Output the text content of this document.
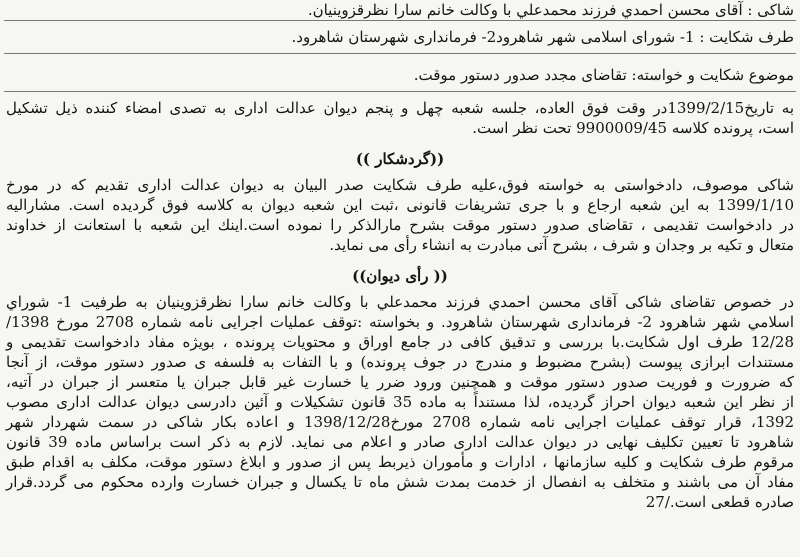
شاكی : آقای محسن احمدي فرزند محمدعلي با وكالت خانم سارا نظرقزوینیان.
طرف شكایت : 1- شورای اسلامی شهر شاهرود2- فرمانداری شهرستان شاهرود.
موضوع شكایت و خواسته: تقاضای مجدد صدور دستور موقت.
به تاریخ1399/2/15در وقت فوق العاده، جلسه شعبه چهل و پنجم دیوان عدالت اداری به تصدی امضاء كننده ذیل تشكیل
است، پرونده كلاسه 9900009/45 تحت نظر است.
((گردشكار ))
شاكی موصوف، دادخواستی به خواسته فوق،علیه طرف شكایت صدر البیان به دیوان عدالت اداری تقدیم كه در مورخ
1399/1/10 به این شعبه ارجاع و با جری تشریفات قانونی ،ثبت این شعبه دیوان به كلاسه فوق گردیده است. مشارالیه
در دادخواست تقدیمی ، تقاضای صدور دستور موقت بشرح مارالذكر را نموده است.اینك این شعبه با استعانت از خداوند
متعال و تكیه بر وجدان و شرف ، بشرح آتی مبادرت به انشاء رأی می نماید.
(( رأی دیوان))
در خصوص تقاضای شاكی آقای محسن احمدي فرزند محمدعلي با وكالت خانم سارا نظرقزوینیان به طرفیت 1- شوراي
اسلامي شهر شاهرود 2- فرمانداری شهرستان شاهرود. و بخواسته :توقف عملیات اجرایی نامه شماره 2708 مورخ 1398/
12/28 طرف اول شكایت.با بررسی و تدقیق كافی در جامع اوراق و محتویات پرونده ، بویژه مفاد دادخواست تقدیمی و
مستندات ابرازی پیوست (بشرح مضبوط و مندرج در جوف پرونده) و با التفات به فلسفه ی صدور دستور موقت، از آنجا
كه ضرورت و فوریت صدور دستور موقت و همچنین ورود ضرر یا خسارت غیر قابل جبران یا متعسر از جبران در آتیه،
از نظر این شعبه دیوان احراز گردیده، لذا مستنداً به ماده 35 قانون تشكیلات و آئین دادرسی دیوان عدالت اداری مصوب
1392، قرار توقف عملیات اجرایی نامه شماره 2708 مورخ1398/12/28 و اعاده بكار شاكی در سمت شهردار شهر
شاهرود تا تعیین تكلیف نهایی در دیوان عدالت اداری صادر و اعلام می نماید. لازم به ذكر است براساس ماده 39 قانون
مرقوم طرف شكایت و كلیه سازمانها ، ادارات و مأموران ذیربط پس از صدور و ابلاغ دستور موقت، مكلف به اقدام طبق
مفاد آن می باشند و متخلف به انفصال از خدمت بمدت شش ماه تا یكسال و جبران خسارت وارده محكوم می گردد.قرار
صادره قطعی است./27
